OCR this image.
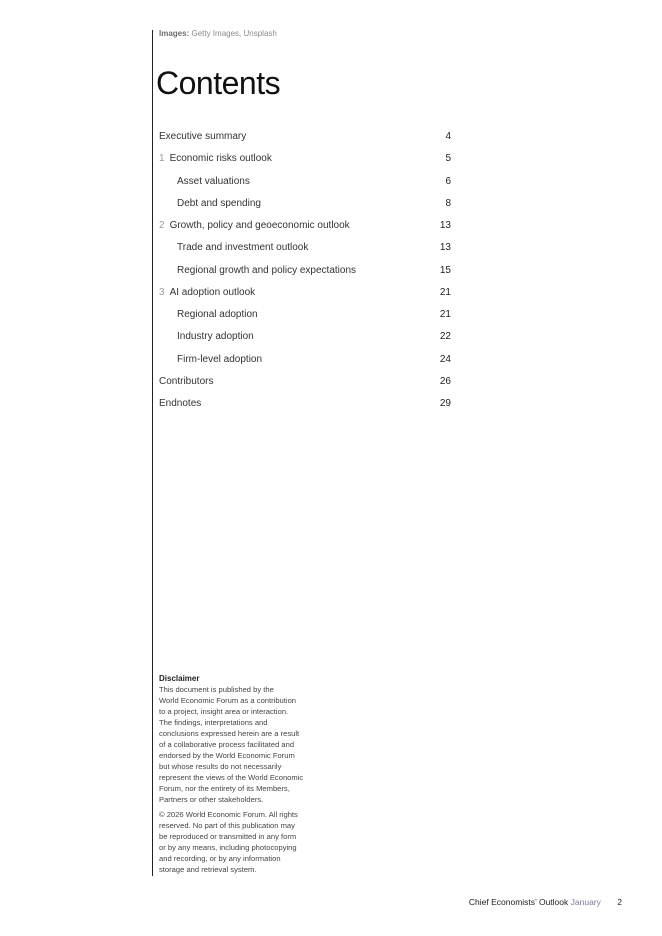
Images: Getty Images, Unsplash
Contents
Executive summary	4
1 Economic risks outlook	5
Asset valuations	6
Debt and spending	8
2 Growth, policy and geoeconomic outlook	13
Trade and investment outlook	13
Regional growth and policy expectations	15
3 AI adoption outlook	21
Regional adoption	21
Industry adoption	22
Firm-level adoption	24
Contributors	26
Endnotes	29
Disclaimer

This document is published by the
World Economic Forum as a contribution
to a project, insight area or interaction.
The findings, interpretations and
conclusions expressed herein are a result
of a collaborative process facilitated and
endorsed by the World Economic Forum
but whose results do not necessarily
represent the views of the World Economic
Forum, nor the entirety of its Members,
Partners or other stakeholders.

© 2026 World Economic Forum. All rights
reserved. No part of this publication may
be reproduced or transmitted in any form
or by any means, including photocopying
and recording, or by any information
storage and retrieval system.

Chief Economists’ Outlook January 2
